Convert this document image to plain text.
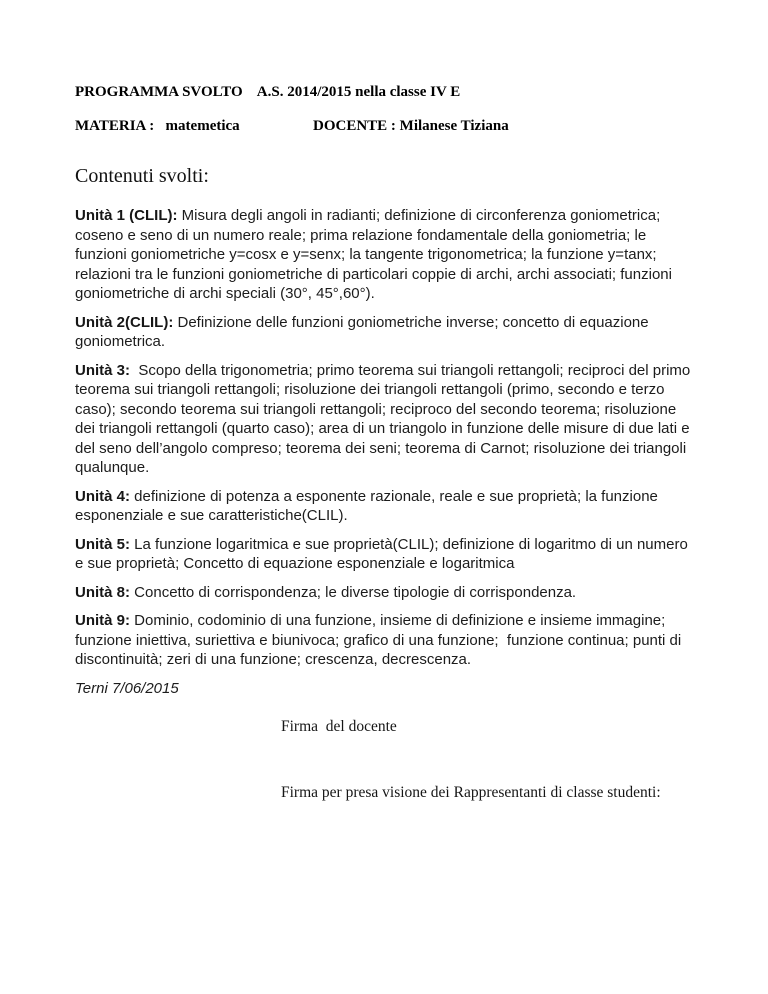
PROGRAMMA SVOLTO    A.S. 2014/2015 nella classe IV E

MATERIA :   matemetica	DOCENTE : Milanese Tiziana
Contenuti svolti:

Unità 1 (CLIL): Misura degli angoli in radianti; definizione di circonferenza goniometrica; coseno e seno di un numero reale; prima relazione fondamentale della goniometria; le funzioni goniometriche y=cosx e y=senx; la tangente trigonometrica; la funzione y=tanx; relazioni tra le funzioni goniometriche di particolari coppie di archi, archi associati; funzioni goniometriche di archi speciali (30°, 45°,60°).

Unità 2(CLIL): Definizione delle funzioni goniometriche inverse; concetto di equazione goniometrica.

Unità 3:  Scopo della trigonometria; primo teorema sui triangoli rettangoli; reciproci del primo teorema sui triangoli rettangoli; risoluzione dei triangoli rettangoli (primo, secondo e terzo caso); secondo teorema sui triangoli rettangoli; reciproco del secondo teorema; risoluzione dei triangoli rettangoli (quarto caso); area di un triangolo in funzione delle misure di due lati e del seno dell’angolo compreso; teorema dei seni; teorema di Carnot; risoluzione dei triangoli qualunque.

Unità 4: definizione di potenza a esponente razionale, reale e sue proprietà; la funzione esponenziale e sue caratteristiche(CLIL).

Unità 5: La funzione logaritmica e sue proprietà(CLIL); definizione di logaritmo di un numero e sue proprietà; Concetto di equazione esponenziale e logaritmica

Unità 8: Concetto di corrispondenza; le diverse tipologie di corrispondenza.

Unità 9: Dominio, codominio di una funzione, insieme di definizione e insieme immagine; funzione iniettiva, suriettiva e biunivoca; grafico di una funzione;  funzione continua; punti di discontinuità; zeri di una funzione; crescenza, decrescenza.

Terni 7/06/2015

Firma  del docente

Firma per presa visione dei Rappresentanti di classe studenti:
